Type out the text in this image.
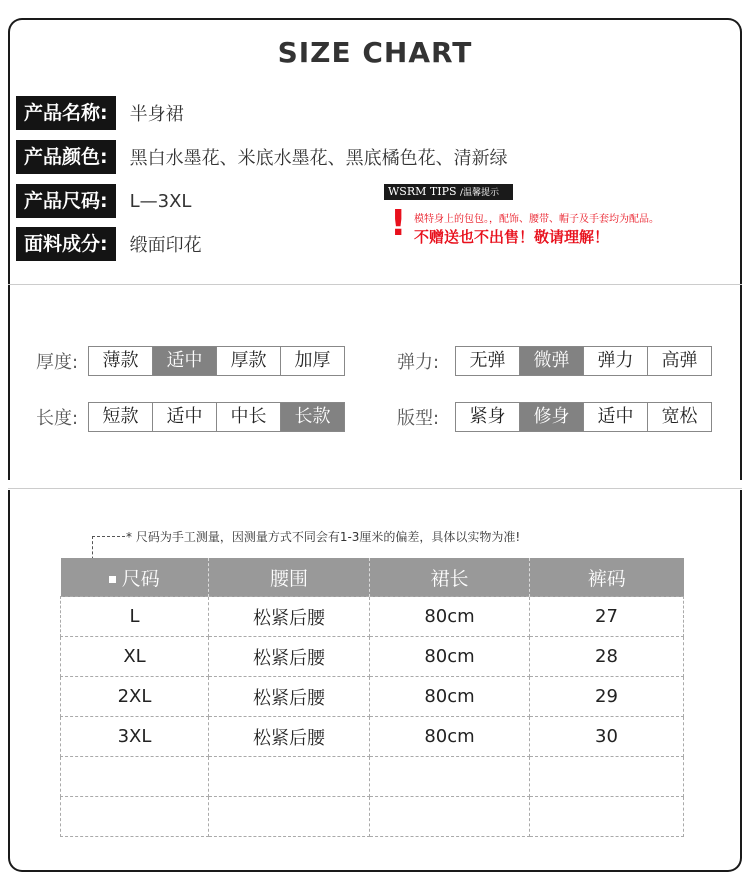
SIZE CHART
产品名称:	半身裙
产品颜色:	黑白水墨花、米底水墨花、黑底橘色花、清新绿
产品尺码:	L—3XL
面料成分:	缎面印花
WSRM TIPS /温馨提示
! 模特身上的包包。，配饰、腰带、帽子及手套均为配品。
不赠送也不出售！敬请理解！
厚度:	薄款	适中	厚款	加厚	弹力:	无弹	微弹	弹力	高弹
长度:	短款	适中	中长	长款	版型:	紧身	修身	适中	宽松
* 尺码为手工测量，因测量方式不同会有1-3厘米的偏差，具体以实物为准!
尺码	腰围	裙长	裤码
L	松紧后腰	80cm	27
XL	松紧后腰	80cm	28
2XL	松紧后腰	80cm	29
3XL	松紧后腰	80cm	30
